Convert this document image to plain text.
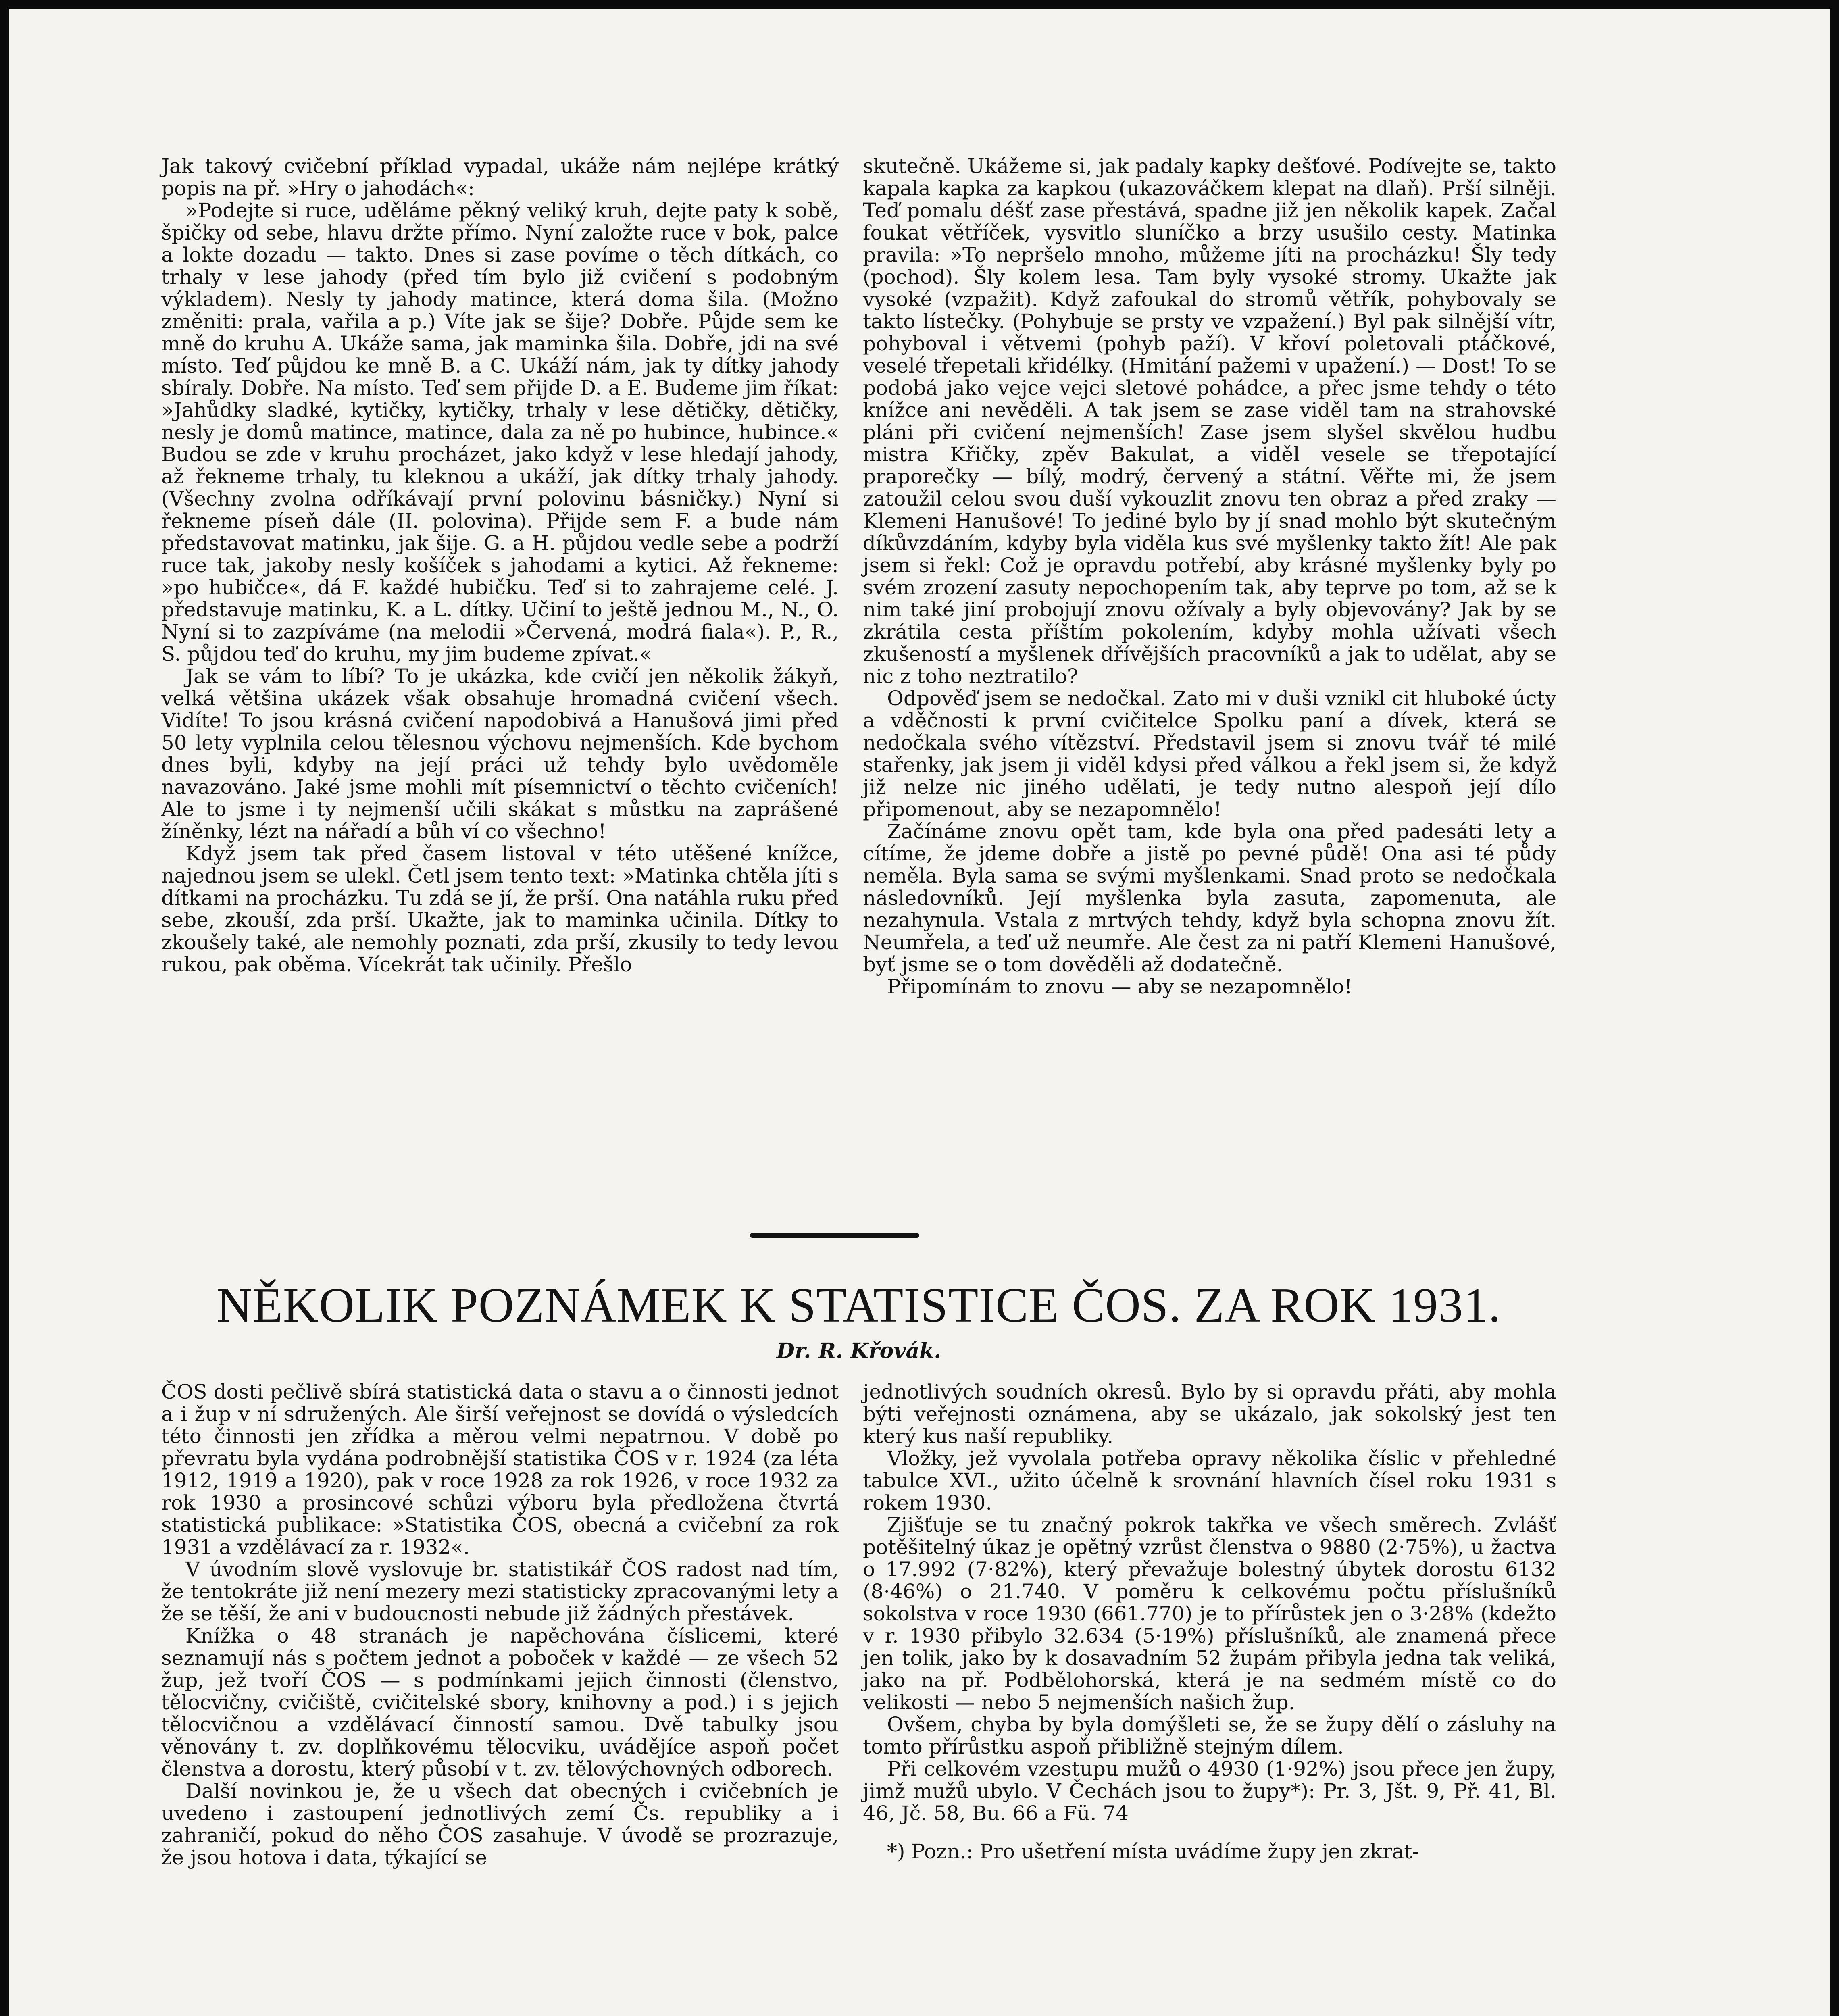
Jak takový cvičební příklad vypadal, ukáže nám nejlépe krátký popis na př. »Hry o jahodách«:

»Podejte si ruce, uděláme pěkný veliký kruh, dejte paty k sobě, špičky od sebe, hlavu držte přímo. Nyní založte ruce v bok, palce a lokte dozadu — takto. Dnes si zase povíme o těch dítkách, co trhaly v lese jahody (před tím bylo již cvičení s podobným výkladem). Nesly ty jahody matince, která doma šila. (Možno změniti: prala, vařila a p.) Víte jak se šije? Dobře. Půjde sem ke mně do kruhu A. Ukáže sama, jak maminka šila. Dobře, jdi na své místo. Teď půjdou ke mně B. a C. Ukáží nám, jak ty dítky jahody sbíraly. Dobře. Na místo. Teď sem přijde D. a E. Budeme jim říkat: »Jahůdky sladké, kytičky, kytičky, trhaly v lese dětičky, dětičky, nesly je domů matince, matince, dala za ně po hubince, hubince.« Budou se zde v kruhu procházet, jako když v lese hledají jahody, až řekneme trhaly, tu kleknou a ukáží, jak dítky trhaly jahody. (Všechny zvolna odříkávají první polovinu básničky.) Nyní si řekneme píseň dále (II. polovina). Přijde sem F. a bude nám představovat matinku, jak šije. G. a H. půjdou vedle sebe a podrží ruce tak, jakoby nesly košíček s jahodami a kytici. Až řekneme: »po hubičce«, dá F. každé hubičku. Teď si to zahrajeme celé. J. představuje matinku, K. a L. dítky. Učiní to ještě jednou M., N., O. Nyní si to zazpíváme (na melodii »Červená, modrá fiala«). P., R., S. půjdou teď do kruhu, my jim budeme zpívat.«

Jak se vám to líbí? To je ukázka, kde cvičí jen několik žákyň, velká většina ukázek však obsahuje hromadná cvičení všech. Vidíte! To jsou krásná cvičení napodobivá a Hanušová jimi před 50 lety vyplnila celou tělesnou výchovu nejmenších. Kde bychom dnes byli, kdyby na její práci už tehdy bylo uvědoměle navazováno. Jaké jsme mohli mít písemnictví o těchto cvičeních! Ale to jsme i ty nejmenší učili skákat s můstku na zaprášené žíněnky, lézt na nářadí a bůh ví co všechno!

Když jsem tak před časem listoval v této utěšené knížce, najednou jsem se ulekl. Četl jsem tento text: »Matinka chtěla jíti s dítkami na procházku. Tu zdá se jí, že prší. Ona natáhla ruku před sebe, zkouší, zda prší. Ukažte, jak to maminka učinila. Dítky to zkoušely také, ale nemohly poznati, zda prší, zkusily to tedy levou rukou, pak oběma. Vícekrát tak učinily. Přešlo

skutečně. Ukážeme si, jak padaly kapky dešťové. Podívejte se, takto kapala kapka za kapkou (ukazováčkem klepat na dlaň). Prší silněji. Teď pomalu déšť zase přestává, spadne již jen několik kapek. Začal foukat větříček, vysvitlo sluníčko a brzy usušilo cesty. Matinka pravila: »To nepršelo mnoho, můžeme jíti na procházku! Šly tedy (pochod). Šly kolem lesa. Tam byly vysoké stromy. Ukažte jak vysoké (vzpažit). Když zafoukal do stromů větřík, pohybovaly se takto lístečky. (Pohybuje se prsty ve vzpažení.) Byl pak silnější vítr, pohyboval i větvemi (pohyb paží). V křoví poletovali ptáčkové, veselé třepetali křidélky. (Hmitání pažemi v upažení.) — Dost! To se podobá jako vejce vejci sletové pohádce, a přec jsme tehdy o této knížce ani nevěděli. A tak jsem se zase viděl tam na strahovské pláni při cvičení nejmenších! Zase jsem slyšel skvělou hudbu mistra Křičky, zpěv Bakulat, a viděl vesele se třepotající praporečky — bílý, modrý, červený a státní. Věřte mi, že jsem zatoužil celou svou duší vykouzlit znovu ten obraz a před zraky — Klemeni Hanušové! To jediné bylo by jí snad mohlo být skutečným díkůvzdáním, kdyby byla viděla kus své myšlenky takto žít! Ale pak jsem si řekl: Což je opravdu potřebí, aby krásné myšlenky byly po svém zrození zasuty nepochopením tak, aby teprve po tom, až se k nim také jiní probojují znovu ožívaly a byly objevovány? Jak by se zkrátila cesta příštím pokolením, kdyby mohla užívati všech zkušeností a myšlenek dřívějších pracovníků a jak to udělat, aby se nic z toho neztratilo?

Odpověď jsem se nedočkal. Zato mi v duši vznikl cit hluboké úcty a vděčnosti k první cvičitelce Spolku paní a dívek, která se nedočkala svého vítězství. Představil jsem si znovu tvář té milé stařenky, jak jsem ji viděl kdysi před válkou a řekl jsem si, že když již nelze nic jiného udělati, je tedy nutno alespoň její dílo připomenout, aby se nezapomnělo!

Začínáme znovu opět tam, kde byla ona před padesáti lety a cítíme, že jdeme dobře a jistě po pevné půdě! Ona asi té půdy neměla. Byla sama se svými myšlenkami. Snad proto se nedočkala následovníků. Její myšlenka byla zasuta, zapomenuta, ale nezahynula. Vstala z mrtvých tehdy, když byla schopna znovu žít. Neumřela, a teď už neumře. Ale čest za ni patří Klemeni Hanušové, byť jsme se o tom dověděli až dodatečně.

Připomínám to znovu — aby se nezapomnělo!

NĚKOLIK POZNÁMEK K STATISTICE ČOS. ZA ROK 1931.
Dr. R. Křovák.

ČOS dosti pečlivě sbírá statistická data o stavu a o činnosti jednot a i žup v ní sdružených. Ale širší veřejnost se dovídá o výsledcích této činnosti jen zřídka a měrou velmi nepatrnou. V době po převratu byla vydána podrobnější statistika ČOS v r. 1924 (za léta 1912, 1919 a 1920), pak v roce 1928 za rok 1926, v roce 1932 za rok 1930 a prosincové schůzi výboru byla předložena čtvrtá statistická publikace: »Statistika ČOS, obecná a cvičební za rok 1931 a vzdělávací za r. 1932«.

V úvodním slově vyslovuje br. statistikář ČOS radost nad tím, že tentokráte již není mezery mezi statisticky zpracovanými lety a že se těší, že ani v budoucnosti nebude již žádných přestávek.

Knížka o 48 stranách je napěchována číslicemi, které seznamují nás s počtem jednot a poboček v každé — ze všech 52 žup, jež tvoří ČOS — s podmínkami jejich činnosti (členstvo, tělocvičny, cvičiště, cvičitelské sbory, knihovny a pod.) i s jejich tělocvičnou a vzdělávací činností samou. Dvě tabulky jsou věnovány t. zv. doplňkovému tělocviku, uvádějíce aspoň počet členstva a dorostu, který působí v t. zv. tělovýchovných odborech.

Další novinkou je, že u všech dat obecných i cvičebních je uvedeno i zastoupení jednotlivých zemí Čs. republiky a i zahraničí, pokud do něho ČOS zasahuje. V úvodě se prozrazuje, že jsou hotova i data, týkající se

jednotlivých soudních okresů. Bylo by si opravdu přáti, aby mohla býti veřejnosti oznámena, aby se ukázalo, jak sokolský jest ten který kus naší republiky.

Vložky, jež vyvolala potřeba opravy několika číslic v přehledné tabulce XVI., užito účelně k srovnání hlavních čísel roku 1931 s rokem 1930.

Zjišťuje se tu značný pokrok takřka ve všech směrech. Zvlášť potěšitelný úkaz je opětný vzrůst členstva o 9880 (2·75%), u žactva o 17.992 (7·82%), který převažuje bolestný úbytek dorostu 6132 (8·46%) o 21.740. V poměru k celkovému počtu příslušníků sokolstva v roce 1930 (661.770) je to přírůstek jen o 3·28% (kdežto v r. 1930 přibylo 32.634 (5·19%) příslušníků, ale znamená přece jen tolik, jako by k dosavadním 52 župám přibyla jedna tak veliká, jako na př. Podbělohorská, která je na sedmém místě co do velikosti — nebo 5 nejmenších našich žup.

Ovšem, chyba by byla domýšleti se, že se župy dělí o zásluhy na tomto přírůstku aspoň přibližně stejným dílem.

Při celkovém vzestupu mužů o 4930 (1·92%) jsou přece jen župy, jimž mužů ubylo. V Čechách jsou to župy*): Pr. 3, Jšt. 9, Př. 41, Bl. 46, Jč. 58, Bu. 66 a Fü. 74

*) Pozn.: Pro ušetření místa uvádíme župy jen zkrat-
